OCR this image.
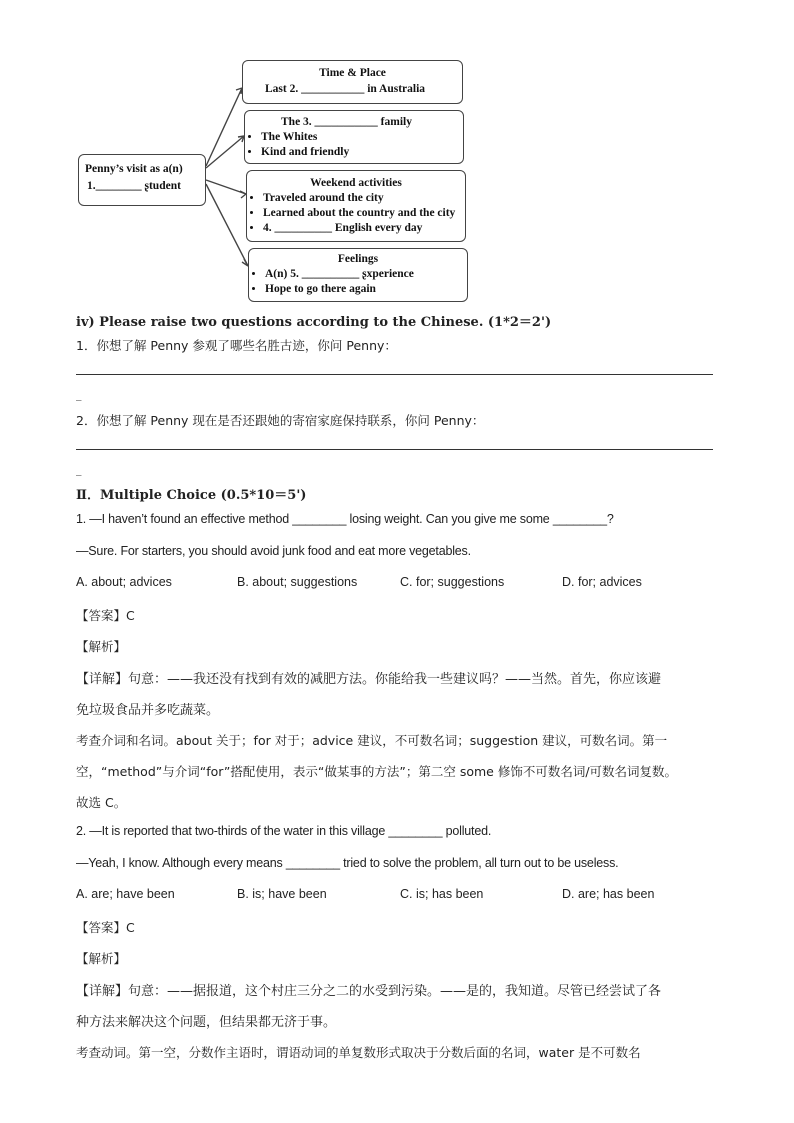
Penny’s visit as a(n)
1.________ ʂtudent
Time & Place
Last 2. ___________ in Australia
The 3. ___________ family
• The Whites
• Kind and friendly
Weekend activities
• Traveled around the city
• Learned about the country and the city
• 4. __________ English every day
Feelings
• A(n) 5. __________ ʂxperience
• Hope to go there again
iv) Please raise two questions according to the Chinese. (1*2＝2')
1．你想了解 Penny 参观了哪些名胜古迹，你问 Penny：
_
2．你想了解 Penny 现在是否还跟她的寄宿家庭保持联系，你问 Penny：
_
Ⅱ．Multiple Choice (0.5*10＝5')
1. —I haven’t found an effective method ________ losing weight. Can you give me some ________?
—Sure. For starters, you should avoid junk food and eat more vegetables.
A. about; advices	B. about; suggestions	C. for; suggestions	D. for; advices
【答案】C
【解析】
【详解】句意：——我还没有找到有效的减肥方法。你能给我一些建议吗？——当然。首先，你应该避
免垃圾食品并多吃蔬菜。
考查介词和名词。about 关于；for 对于；advice 建议，不可数名词；suggestion 建议，可数名词。第一
空，“method”与介词“for”搭配使用，表示“做某事的方法”；第二空 some 修饰不可数名词/可数名词复数。
故选 C。
2. —It is reported that two-thirds of the water in this village ________ polluted.
—Yeah, I know. Although every means ________ tried to solve the problem, all turn out to be useless.
A. are; have been	B. is; have been	C. is; has been	D. are; has been
【答案】C
【解析】
【详解】句意：——据报道，这个村庄三分之二的水受到污染。——是的，我知道。尽管已经尝试了各
种方法来解决这个问题，但结果都无济于事。
考查动词。第一空，分数作主语时，谓语动词的单复数形式取决于分数后面的名词，water 是不可数名
